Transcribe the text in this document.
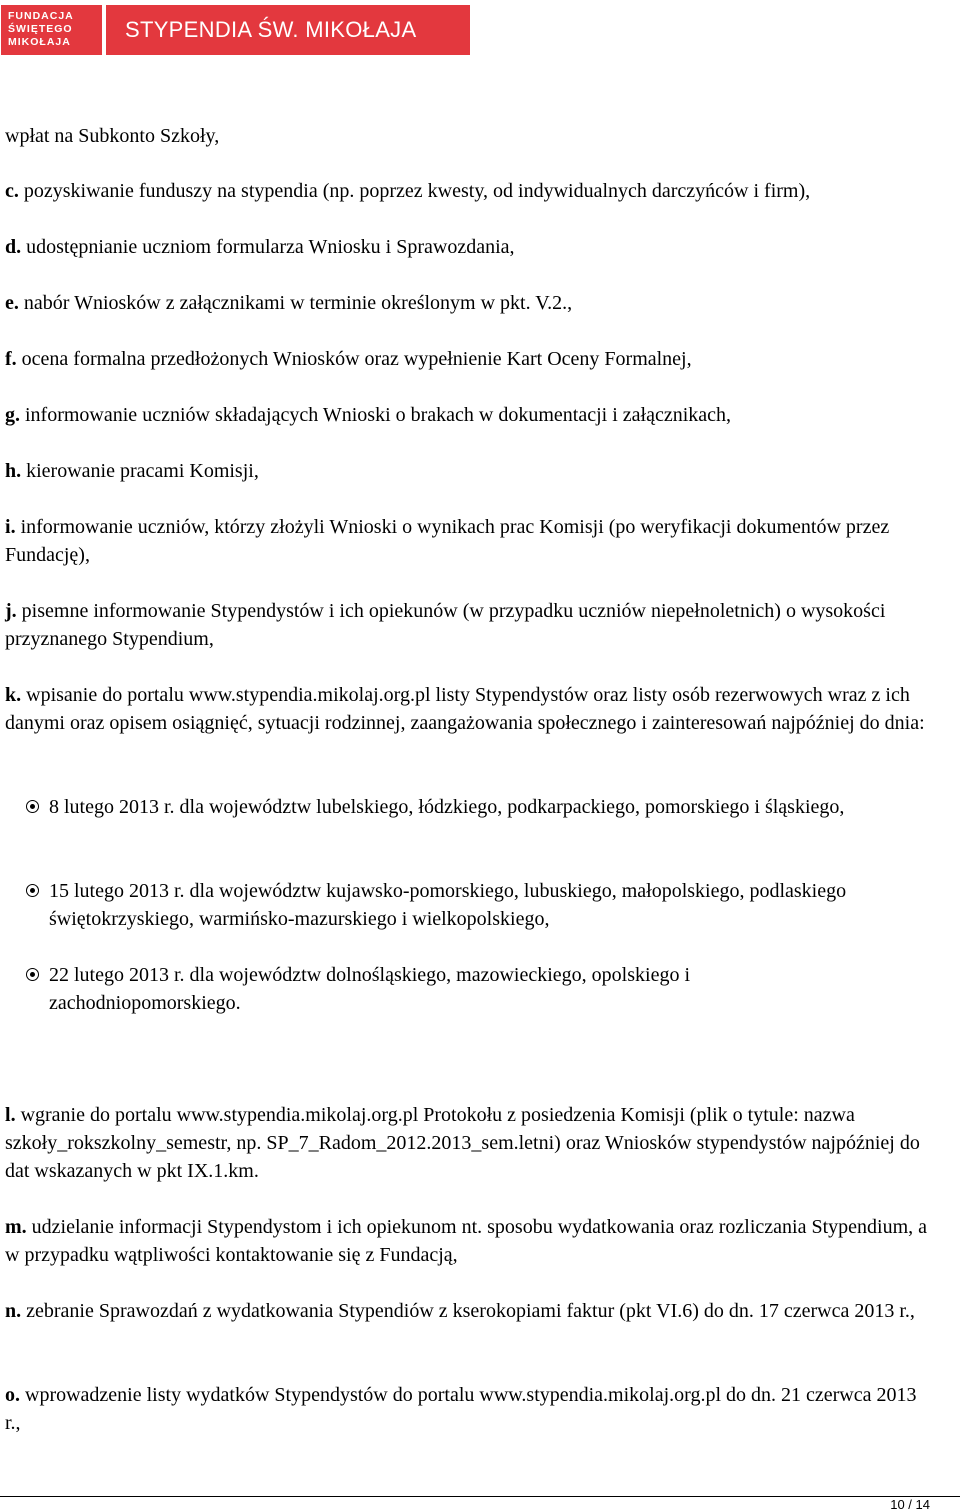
FUNDACJA
ŚWIĘTEGO
MIKOŁAJA	STYPENDIA ŚW. MIKOŁAJA

wpłat na Subkonto Szkoły,

c. pozyskiwanie funduszy na stypendia (np. poprzez kwesty, od indywidualnych darczyńców i firm),

d. udostępnianie uczniom formularza Wniosku i Sprawozdania,

e. nabór Wniosków z załącznikami w terminie określonym w pkt. V.2.,

f. ocena formalna przedłożonych Wniosków oraz wypełnienie Kart Oceny Formalnej,

g. informowanie uczniów składających Wnioski o brakach w dokumentacji i załącznikach,

h. kierowanie pracami Komisji,

i. informowanie uczniów, którzy złożyli Wnioski o wynikach prac Komisji (po weryfikacji dokumentów przez Fundację),

j. pisemne informowanie Stypendystów i ich opiekunów (w przypadku uczniów niepełnoletnich) o wysokości przyznanego Stypendium,

k. wpisanie do portalu www.stypendia.mikolaj.org.pl listy Stypendystów oraz listy osób rezerwowych wraz z ich danymi oraz opisem osiągnięć, sytuacji rodzinnej, zaangażowania społecznego i zainteresowań najpóźniej do dnia:

8 lutego 2013 r. dla województw lubelskiego, łódzkiego, podkarpackiego, pomorskiego i śląskiego,
15 lutego 2013 r. dla województw kujawsko-pomorskiego, lubuskiego, małopolskiego, podlaskiego świętokrzyskiego, warmińsko-mazurskiego i wielkopolskiego,
22 lutego 2013 r. dla województw dolnośląskiego, mazowieckiego, opolskiego i zachodniopomorskiego.

l. wgranie do portalu www.stypendia.mikolaj.org.pl Protokołu z posiedzenia Komisji (plik o tytule: nazwa szkoły_rokszkolny_semestr, np. SP_7_Radom_2012.2013_sem.letni) oraz Wniosków stypendystów najpóźniej do dat wskazanych w pkt IX.1.km.

m. udzielanie informacji Stypendystom i ich opiekunom nt. sposobu wydatkowania oraz rozliczania Stypendium, a w przypadku wątpliwości kontaktowanie się z Fundacją,

n. zebranie Sprawozdań z wydatkowania Stypendiów z kserokopiami faktur (pkt VI.6) do dn. 17 czerwca 2013 r.,

o. wprowadzenie listy wydatków Stypendystów do portalu www.stypendia.mikolaj.org.pl do dn. 21 czerwca 2013 r.,

10 / 14
